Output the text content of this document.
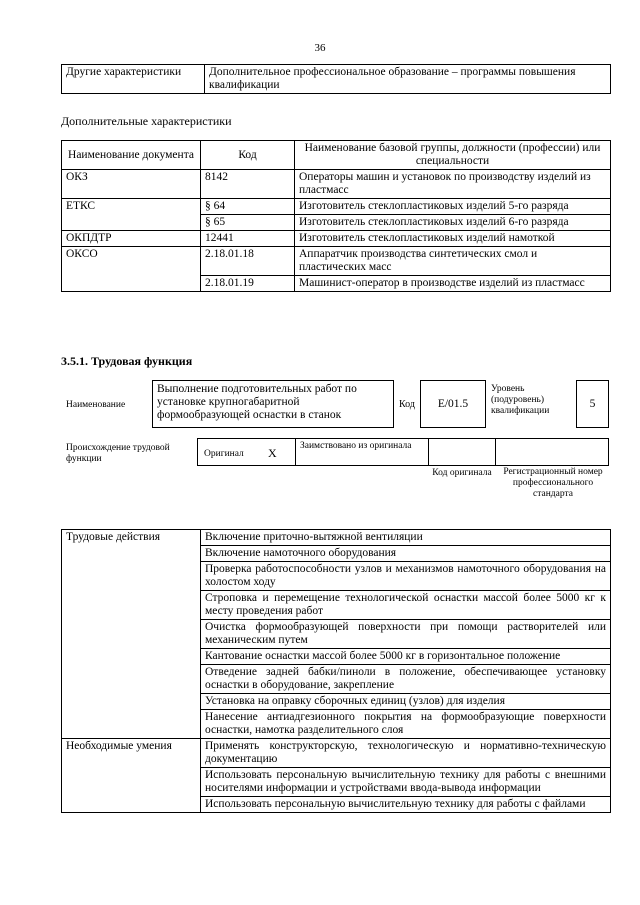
36
Другие характеристики	Дополнительное профессиональное образование – программы повышения квалификации
Дополнительные характеристики
Наименование документа	Код	Наименование базовой группы, должности (профессии) или специальности
ОКЗ	8142	Операторы машин и установок по производству изделий из пластмасс
ЕТКС	§ 64	Изготовитель стеклопластиковых изделий 5-го разряда
	§ 65	Изготовитель стеклопластиковых изделий 6-го разряда
ОКПДТР	12441	Изготовитель стеклопластиковых изделий намоткой
ОКСО	2.18.01.18	Аппаратчик производства синтетических смол и пластических масс
	2.18.01.19	Машинист-оператор в производстве изделий из пластмасс
3.5.1. Трудовая функция
Наименование
Выполнение подготовительных работ по установке крупногабаритной формообразующей оснастки в станок
Код	E/01.5
Уровень (подуровень) квалификации
5
Происхождение трудовой функции	Оригинал X Заимствовано из оригинала
Код оригинала	Регистрационный номер профессионального стандарта
Трудовые действия	Включение приточно-вытяжной вентиляции
	Включение намоточного оборудования
	Проверка работоспособности узлов и механизмов намоточного оборудования на холостом ходу
	Строповка и перемещение технологической оснастки массой более 5000 кг к месту проведения работ
	Очистка формообразующей поверхности при помощи растворителей или механическим путем
	Кантование оснастки массой более 5000 кг в горизонтальное положение
	Отведение задней бабки/пиноли в положение, обеспечивающее установку оснастки в оборудование, закрепление
	Установка на оправку сборочных единиц (узлов) для изделия
	Нанесение антиадгезионного покрытия на формообразующие поверхности оснастки, намотка разделительного слоя
Необходимые умения	Применять конструкторскую, технологическую и нормативно-техническую документацию
	Использовать персональную вычислительную технику для работы с внешними носителями информации и устройствами ввода-вывода информации
	Использовать персональную вычислительную технику для работы с файлами
